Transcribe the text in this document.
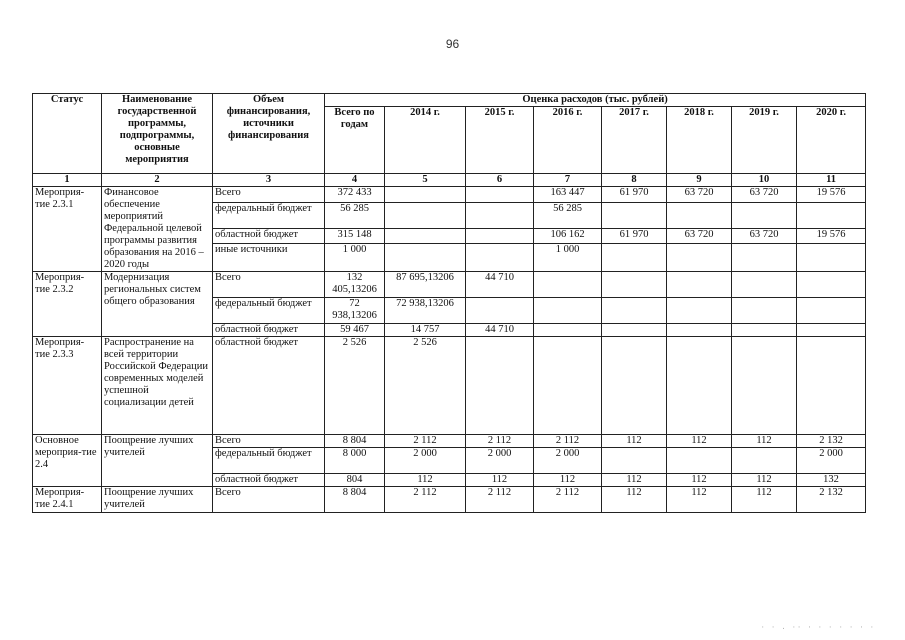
96
Статус	Наименование государственной программы, подпрограммы, основные мероприятия	Объем финансирования, источники финансирования	Оценка расходов (тыс. рублей)							
			Всего по годам	2014 г.	2015 г.	2016 г.	2017 г.	2018 г.	2019 г.	2020 г.
1	2	3	4	5	6	7	8	9	10	11
Мероприя-тие 2.3.1	Финансовое обеспечение мероприятий Федеральной целевой программы развития образования на 2016 – 2020 годы	Всего	372 433			163 447	61 970	63 720	63 720	19 576
		федеральный бюджет	56 285			56 285				
		областной бюджет	315 148			106 162	61 970	63 720	63 720	19 576
		иные источники	1 000			1 000				
Мероприя-тие 2.3.2	Модернизация региональных систем общего образования	Всего	132 405,13206	87 695,13206	44 710					
		федеральный бюджет	72 938,13206	72 938,13206						
		областной бюджет	59 467	14 757	44 710					
Мероприя-тие 2.3.3	Распространение на всей территории Российской Федерации современных моделей успешной социализации детей	областной бюджет	2 526	2 526						
Основное мероприя-тие 2.4	Поощрение лучших учителей	Всего	8 804	2 112	2 112	2 112	112	112	112	2 132
		федеральный бюджет	8 000	2 000	2 000	2 000				2 000
		областной бюджет	804	112	112	112	112	112	112	132
Мероприя-тие 2.4.1	Поощрение лучших учителей	Всего	8 804	2 112	2 112	2 112	112	112	112	2 132
· · . ·· · · · · · · ·
